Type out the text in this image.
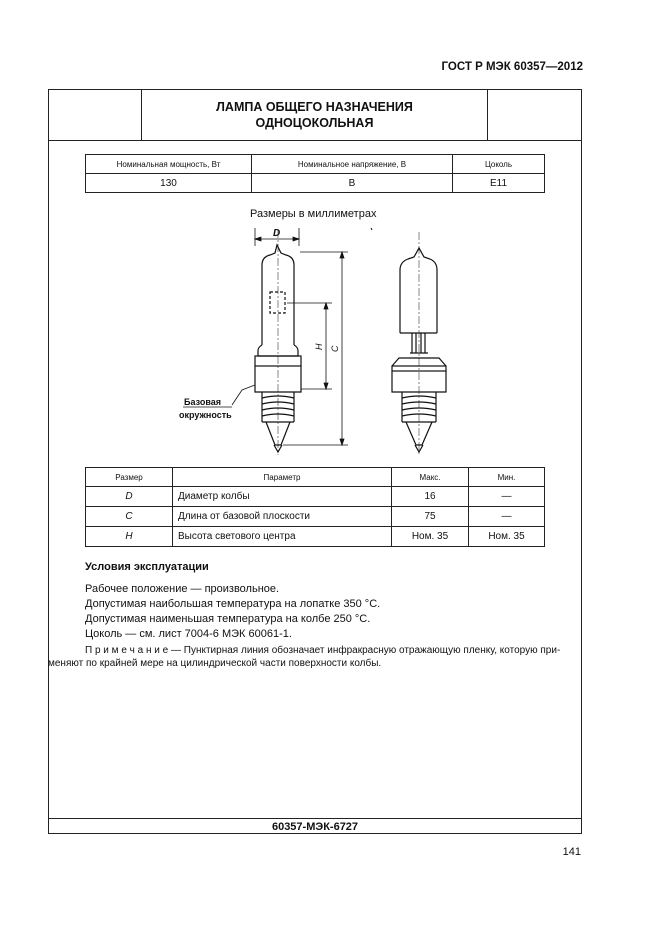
ГОСТ Р МЭК 60357—2012
ЛАМПА ОБЩЕГО НАЗНАЧЕНИЯ
ОДНОЦОКОЛЬНАЯ
Номинальная мощность, Вт	Номинальное напряжение, В	Цоколь
130	В	E11
Размеры в миллиметрах
D
H C
Базовая
окружность
Размер	Параметр	Макс.	Мин.
D	Диаметр колбы	16	—
C	Длина от базовой плоскости	75	—
H	Высота светового центра	Ном. 35	Ном. 35
Условия эксплуатации
Рабочее положение — произвольное.
Допустимая наибольшая температура на лопатке 350 °С.
Допустимая наименьшая температура на колбе 250 °С.
Цоколь — см. лист 7004-6 МЭК 60061-1.
П р и м е ч а н и е — Пунктирная линия обозначает инфракрасную отражающую пленку, которую при-
меняют по крайней мере на цилиндрической части поверхности колбы.
60357-МЭК-6727
141
